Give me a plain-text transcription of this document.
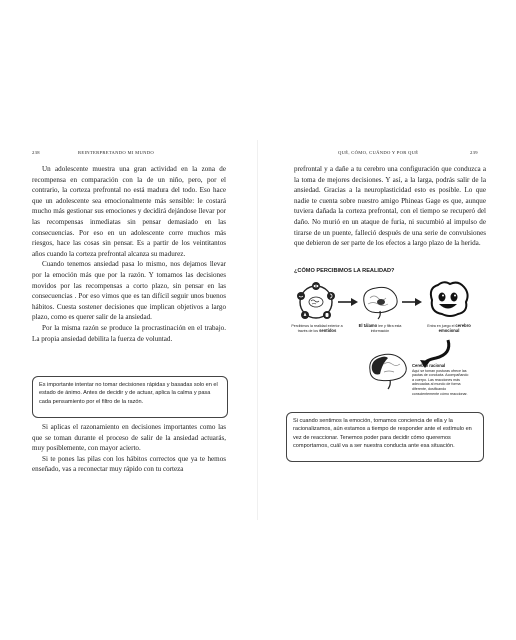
238	REINTERPRETANDO MI MUNDO

Un adolescente muestra una gran actividad en la zona de recompensa en comparación con la de un niño, pero, por el contrario, la corteza prefrontal no está madura del todo. Eso hace que un adolescente sea emocionalmente más sensible: le costará mucho más gestionar sus emociones y decidirá dejándose llevar por las recompensas inmediatas sin pensar demasiado en las consecuencias. Por eso en un adolescente corre muchos más riesgos, hace las cosas sin pensar. Es a partir de los veintitantos años cuando la corteza prefrontal alcanza su madurez.

Cuando tenemos ansiedad pasa lo mismo, nos dejamos llevar por la emoción más que por la razón. Y tomamos las decisiones movidos por las recompensas a corto plazo, sin pensar en las consecuencias . Por eso vimos que es tan difícil seguir unos buenos hábitos. Cuesta sostener decisiones que implican objetivos a largo plazo, como es querer salir de la ansiedad.

Por la misma razón se produce la procrastinación en el trabajo. La propia ansiedad debilita la fuerza de voluntad.

Es importante intentar no tomar decisiones rápidas y basadas solo en el estado de ánimo. Antes de decidir y de actuar, aplica la calma y pasa cada pensamiento por el filtro de la razón.

Si aplicas el razonamiento en decisiones importantes como las que se toman durante el proceso de salir de la ansiedad actuarás, muy posiblemente, con mayor acierto.

Si te pones las pilas con los hábitos correctos que ya te hemos enseñado, vas a reconectar muy rápido con tu corteza

QUÉ, CÓMO, CUÁNDO Y POR QUÉ	239

prefrontal y a dañe a tu cerebro una configuración que conduzca a la toma de mejores decisiones. Y así, a la larga, podrás salir de la ansiedad. Gracias a la neuroplasticidad esto es posible. Lo que nadie te cuenta sobre nuestro amigo Phineas Gage es que, aunque tuviera dañada la corteza prefrontal, con el tiempo se recuperó del daño. No murió en un ataque de furia, ni sucumbió al impulso de tirarse de un puente, falleció después de una serie de convulsiones que debieron de ser parte de los efectos a largo plazo de la herida.

¿CÓMO PERCIBIMOS LA REALIDAD?
Percibimos la realidad exterior a través de los sentidos
El tálamo lee y filtra esta información
Entra en juego el cerebro emocional
Cerebro racional
Aquí se toman posturas ofrece las pautas de conducta. Acompañando a cuerpo. Las reacciones más adecuadas al mundo de forma diferente, dosificando conscientemente cómo reaccionar.
Si cuando sentimos la emoción, tomamos conciencia de ella y la racionalizamos, aún estamos a tiempo de responder ante el estímulo en vez de reaccionar. Tenemos poder para decidir cómo queremos comportarnos, cuál va a ser nuestra conducta ante esa situación.
